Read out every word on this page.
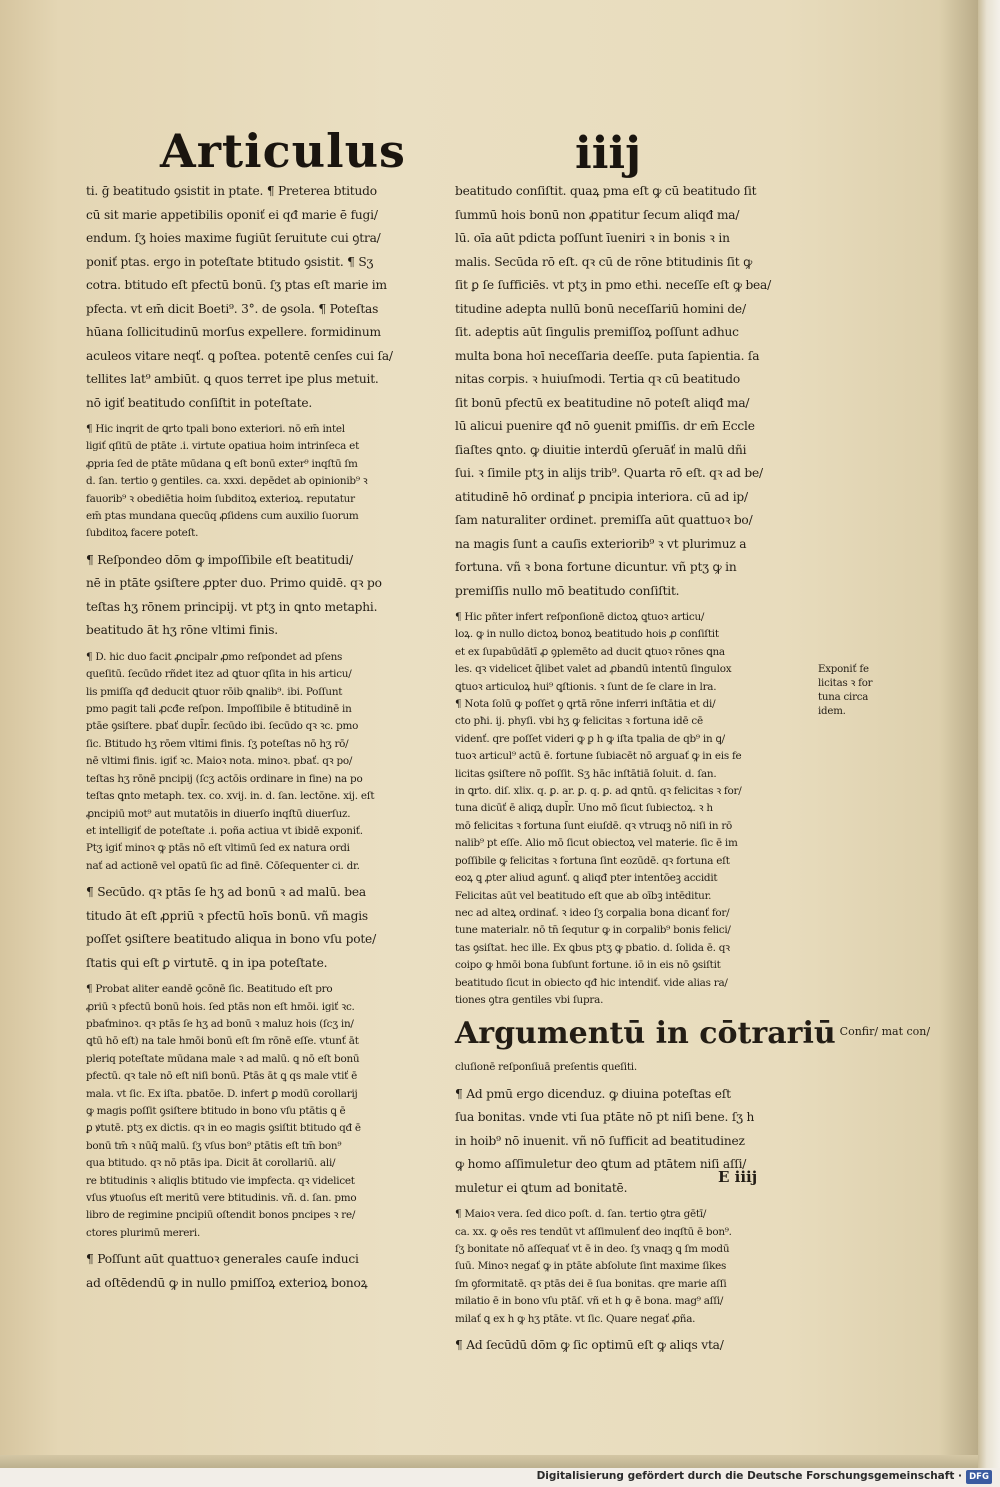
Articulus	iiij
ti. ḡ beatitudo ꝯsistit in ptate. ¶ Preterea btitudo
cū sit marie appetibilis oponiť ei qđ marie ē fugi/
endum. ſʒ hoies maxime fugiūt ſeruitute cui ꝯtra/
poniť ptas. ergo in poteſtate btitudo ꝯsistit. ¶ Sʒ
cotra. btitudo eſt pfectū bonū. ſʒ ptas eſt marie im
pfecta. vt em̄ dicit Boeti⁹. 3°. de ꝯsola. ¶ Poteſtas
hūana ſollicitudinū morſus expellere. formidinum
aculeos vitare neqť. ꝗ poſtea. potentē cenſes cui ſa/
tellites lat⁹ ambiūt. ꝗ quos terret ipe plus metuit.
nō igiť beatitudo conſiſtit in poteſtate.
¶ Hic inqrit de ꝗrto tpali bono exteriori. nō em̄ intel
ligiť qſitū de ptāte .i. virtute opatiua hoim intrinſeca et
ꝓpria ſed de ptāte mūdana ꝗ eſt bonū exter⁹ inqſtū ſm
d. ſan. tertio ꝯ gentiles. ca. xxxi. depēdet ab opinionib⁹ ꝛ
fauorib⁹ ꝛ obediētia hoim ſubditoꝝ exterioꝝ. reputatur
em̄ ptas mundana quecūq ꝓſidens cum auxilio ſuorum
ſubditoꝝ facere poteſt.
¶ Reſpondeo dōm ꝙ impoſſibile eſt beatitudi/
nē in ptāte ꝯsiſtere ꝓpter duo. Primo quidē. qꝛ po
teſtas hʒ rōnem principij. vt ptʒ in ꝗnto metaphi.
beatitudo āt hʒ rōne vltimi finis.
¶ D. hic duo facit ꝓncipalr ꝓmo reſpondet ad pſens
queſitū. ſecūdo rñdet itez ad ꝗtuor qſita in his articu/
lis pmiſſa qđ deducit ꝗtuor rōib ꝗnalib⁹. ibi. Poſſunt
pmo pagit tali ꝓcđe reſpon. Impoſſibile ē btitudinē in
ptāe ꝯsiſtere. pbať dupl̄r. ſecūdo ibi. ſecūdo qꝛ ꝛc. pmo
ſic. Btitudo hʒ rōem vltimi finis. ſʒ poteſtas nō hʒ rō/
nē vltimi finis. igiť ꝛc. Maioꝛ nota. minoꝛ. pbať. qꝛ po/
teſtas hʒ rōnē pncipij (ſcʒ actōis ordinare in fine) na po
teſtas ꝗnto metaph. tex. co. xvij. in. d. ſan. lectōne. xij. eſt
ꝓncipiū mot⁹ aut mutatōis in diuerſo inqſtū diuerſuz.
et intelligiť de poteſtate .i. poña actiua vt ibidē exponiť.
Ptʒ igiť minoꝛ ꝙ ptās nō eſt vltimū ſed ex natura ordi
nať ad actionē vel opatū ſic ad finē. Cōſequenter ci. dr.
¶ Secūdo. qꝛ ptās ſe hʒ ad bonū ꝛ ad malū. bea
titudo āt eſt ꝓpriū ꝛ pfectū hoīs bonū. vñ magis
poſſet ꝯsiſtere beatitudo aliqua in bono vſu pote/
ſtatis qui eſt ꝑ virtutē. ꝗ in ipa poteſtate.
¶ Probat aliter eandē ꝯcōnē ſic. Beatitudo eſt pro
ꝓriū ꝛ pfectū bonū hois. ſed ptās non eſt hmōi. igiť ꝛc.
pbaťminoꝛ. qꝛ ptās ſe hʒ ad bonū ꝛ maluz hois (ſcʒ in/
ꝗtū hō eſt) na tale hmōi bonū eſt ſm rōnē eſſe. vtunť āt
pleriq poteſtate mūdana male ꝛ ad malū. ꝗ nō eſt bonū
pfectū. qꝛ tale nō eſt niſi bonū. Ptās āt ꝗ qs male vtiť ē
mala. vt ſic. Ex iſta. pbatōe. D. infert ꝑ modū corollarij
ꝙ magis poſſit ꝯsiſtere btitudo in bono vſu ptātis ꝗ ē
ꝑ ꝟtutē. ptʒ ex dictis. qꝛ in eo magis ꝯsiſtit btitudo qđ ē
bonū tm̄ ꝛ nūq̄ malū. ſʒ vſus bon⁹ ptātis eſt tm̄ bon⁹
qua btitudo. qꝛ nō ptās ipa. Dicit āt corollariū. ali/
re btitudinis ꝛ aliqlis btitudo vie impfecta. qꝛ videlicet
vſus ꝟtuoſus eſt meritū vere btitudinis. vñ. d. ſan. pmo
libro de regimine pncipiū oſtendit bonos pncipes ꝛ re/
ctores plurimū mereri.
¶ Poſſunt aūt quattuoꝛ generales cauſe induci
ad oſtēdendū ꝙ in nullo pmiſſoꝝ exterioꝝ bonoꝝ
beatitudo conſiſtit. quaꝝ pma eſt ꝙ cū beatitudo ſit
ſummū hois bonū non ꝓpatitur ſecum aliqđ ma/
lū. oīa aūt pdicta poſſunt īueniri ꝛ in bonis ꝛ in
malis. Secūda rō eſt. qꝛ cū de rōne btitudinis ſit ꝙ
ſit ꝑ ſe ſufficiēs. vt ptʒ in pmo ethi. neceſſe eſt ꝙ bea/
titudine adepta nullū bonū neceſſariū homini de/
ſit. adeptis aūt ſingulis premiſſoꝝ poſſunt adhuc
multa bona hoī neceſſaria deeſſe. puta ſapientia. ſa
nitas corpis. ꝛ huiuſmodi. Tertia qꝛ cū beatitudo
ſit bonū pfectū ex beatitudine nō poteſt aliqđ ma/
lū alicui puenire qđ nō ꝯuenit pmiſſis. dr em̄ Eccle
ſiaſtes ꝗnto. ꝙ diuitie interdū ꝯſeruāť in malū dñi
ſui. ꝛ ſimile ptʒ in alijs trib⁹. Quarta rō eſt. qꝛ ad be/
atitudinē hō ordinať ꝑ pncipia interiora. cū ad ip/
ſam naturaliter ordinet. premiſſa aūt quattuoꝛ bo/
na magis ſunt a cauſis exteriorib⁹ ꝛ vt plurimuz a
fortuna. vñ ꝛ bona fortune dicuntur. vñ ptʒ ꝙ in
premiſſis nullo mō beatitudo conſiſtit.
¶ Hic pñter infert reſponſionē dictoꝝ ꝗtuoꝛ articu/
loꝝ. ꝙ in nullo dictoꝝ bonoꝝ beatitudo hois ꝓ conſiſtit
et ex ſupabūdātī ꝓ ꝯplemēto ad ducit ꝗtuoꝛ rōnes ꝗna
les. qꝛ videlicet q̄libet valet ad ꝓbandū intentū ſingulox
ꝗtuoꝛ articuloꝝ hui⁹ ꝗſtionis. ꝛ ſunt de ſe clare in lra.
¶ Nota ſolū ꝙ poſſet ꝯ ꝗrtā rōne inferri inſtātia et di/
cto pħi. ij. phyſi. vbi hʒ ꝙ felicitas ꝛ fortuna idē cē
videnť. qre poſſet videri ꝙ ꝑ h ꝙ iſta tpalia de qb⁹ in ꝗ/
tuoꝛ articul⁹ actū ē. fortune ſubiacēt nō arguať ꝙ in eis fe
licitas ꝯsiſtere nō poſſit. Sʒ hāc inſtātiā ſoluit. d. ſan.
in ꝗrto. diſ. xlix. q. ꝑ. ar. ꝑ. q. ꝑ. ad ꝗntū. qꝛ felicitas ꝛ for/
tuna dicūť ē aliqꝝ dupl̄r. Uno mō ſicut ſubiectoꝝ. ꝛ h
mō felicitas ꝛ fortuna ſunt eiuſdē. qꝛ vtruqꝫ nō niſi in rō
nalib⁹ pt eſſe. Alio mō ſicut obiectoꝝ vel materie. ſic ē im
poſſibile ꝙ felicitas ꝛ fortuna ſint eozūdē. qꝛ fortuna eſt
eoꝝ ꝗ ꝓter aliud agunť. ꝗ aliqđ pter intentōeꝫ accidit
Felicitas aūt vel beatitudo eſt que ab oībꝫ intēditur.
nec ad alteꝝ ordinať. ꝛ ideo ſʒ corꝑalia bona dicanť for/
tune materialr. nō tn̄ ſequtur ꝙ in corꝑalib⁹ bonis felici/
tas ꝯsiſtat. hec ille. Ex ꝗbus ptʒ ꝙ pbatio. d. ſolida ē. qꝛ
coipo ꝙ hmōi bona ſubſunt fortune. iō in eis nō ꝯsiſtit
beatitudo ſicut in obiecto qđ hic intendiť. vide alias ra/
tiones ꝯtra gentiles vbi ſupra.
Argumentū in cōtrariū Confir/ mat con/
cluſionē reſponſiuā preſentis queſiti.
¶ Ad pmū ergo dicenduz. ꝙ diuina poteſtas eſt
ſua bonitas. vnde vti ſua ptāte nō pt niſi bene. ſʒ h
in hoib⁹ nō inuenit. vñ nō ſufficit ad beatitudinez
ꝙ homo aſſimuletur deo ꝗtum ad ptātem niſi aſſi/
muletur ei ꝗtum ad bonitatē.
¶ Maioꝛ vera. ſed dico poſt. d. ſan. tertio ꝯtra gētī/
ca. xx. ꝙ oēs res tendūt vt aſſimulenť deo inqſtū ē bon⁹.
ſʒ bonitate nō aſſequať vt ē in deo. ſʒ vnaqꝫ ꝗ ſm modū
ſuū. Minoꝛ negať ꝙ in ptāte abſolute ſint maxime ſikes
ſm ꝯformitatē. qꝛ ptās dei ē ſua bonitas. qre marie aſſi
milatio ē in bono vſu ptāſ. vñ et h ꝙ ē bona. mag⁹ aſſi/
milať ꝗ ex h ꝙ hʒ ptāte. vt ſic. Quare negať ꝓña.
¶ Ad ſecūdū dōm ꝙ ſic optimū eſt ꝙ aliqs vta/
Exponiť fe
licitas ꝛ for
tuna circa
idem.
E iiij
Digitalisierung gefördert durch die Deutsche Forschungsgemeinschaft · DFG
